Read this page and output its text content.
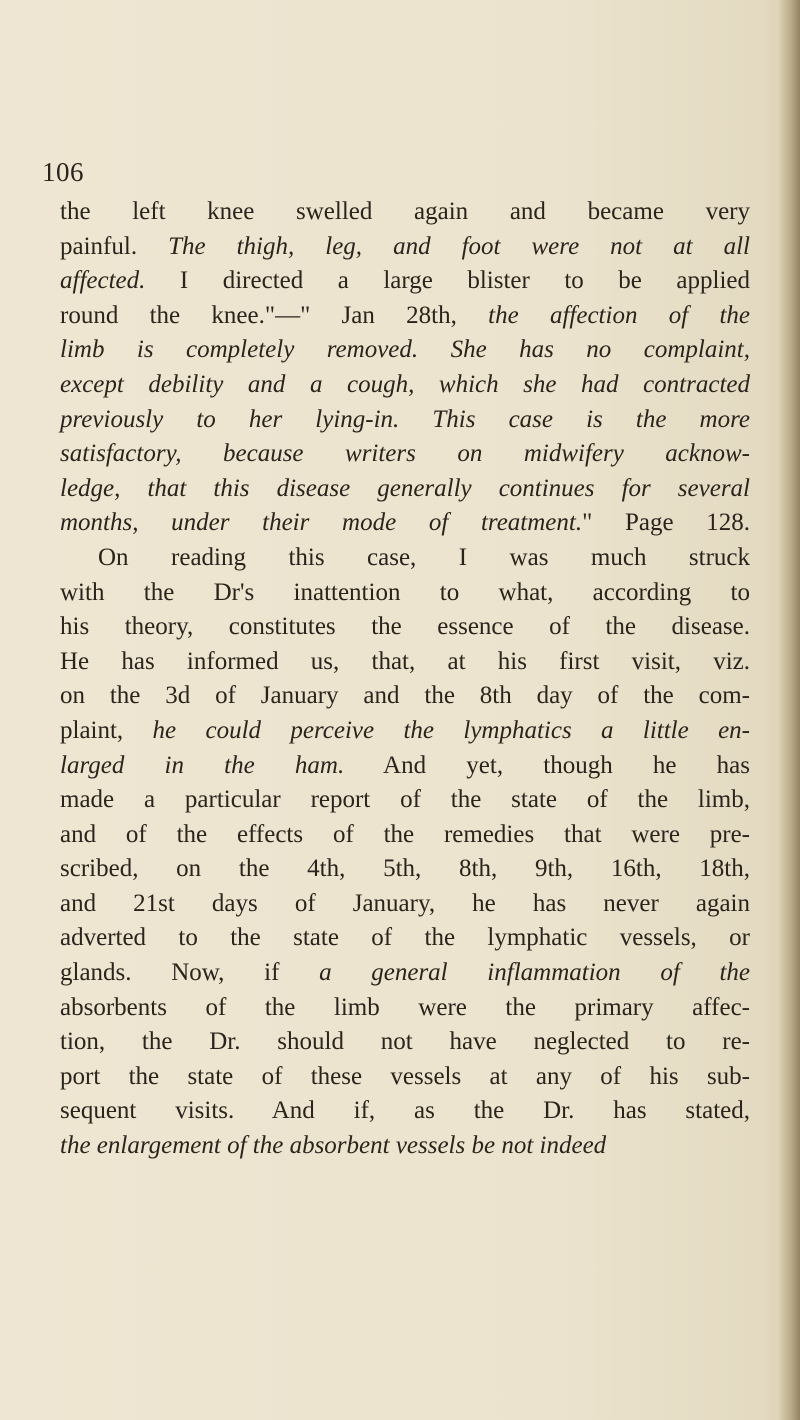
106
the left knee swelled again and became very
painful. The thigh, leg, and foot were not at all
affected. I directed a large blister to be applied
round the knee."—" Jan 28th, the affection of the
limb is completely removed. She has no complaint,
except debility and a cough, which she had contracted
previously to her lying-in. This case is the more
satisfactory, because writers on midwifery acknow-
ledge, that this disease generally continues for several
months, under their mode of treatment." Page 128.
On reading this case, I was much struck
with the Dr's inattention to what, according to
his theory, constitutes the essence of the disease.
He has informed us, that, at his first visit, viz.
on the 3d of January and the 8th day of the com-
plaint, he could perceive the lymphatics a little en-
larged in the ham. And yet, though he has
made a particular report of the state of the limb,
and of the effects of the remedies that were pre-
scribed, on the 4th, 5th, 8th, 9th, 16th, 18th,
and 21st days of January, he has never again
adverted to the state of the lymphatic vessels, or
glands. Now, if a general inflammation of the
absorbents of the limb were the primary affec-
tion, the Dr. should not have neglected to re-
port the state of these vessels at any of his sub-
sequent visits. And if, as the Dr. has stated,
the enlargement of the absorbent vessels be not indeed
